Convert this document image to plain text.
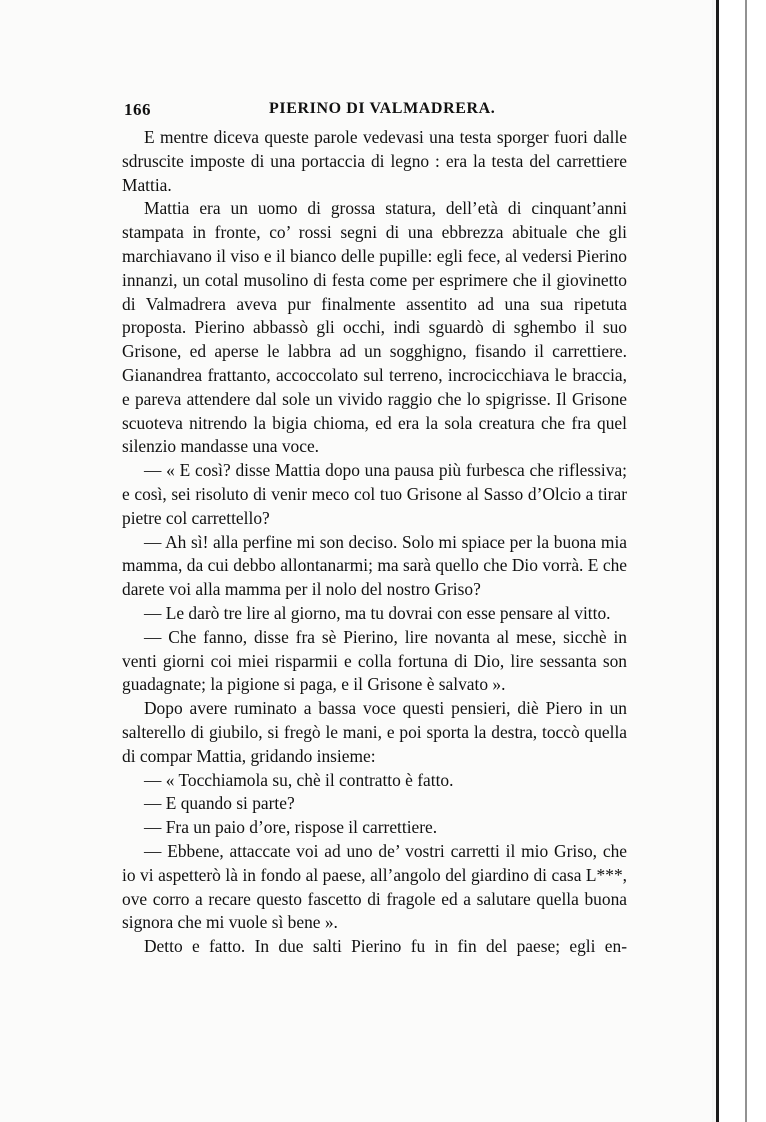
166	PIERINO DI VALMADRERA.

E mentre diceva queste parole vedevasi una testa sporger fuori dalle sdruscite imposte di una portaccia di legno : era la testa del carrettiere Mattia.

Mattia era un uomo di grossa statura, dell’età di cinquant’anni stampata in fronte, co’ rossi segni di una ebbrezza abituale che gli marchiavano il viso e il bianco delle pupille: egli fece, al vedersi Pierino innanzi, un cotal musolino di festa come per esprimere che il giovinetto di Valmadrera aveva pur finalmente assentito ad una sua ripetuta proposta. Pierino abbassò gli occhi, indi sguardò di sghembo il suo Grisone, ed aperse le labbra ad un sogghigno, fisando il carrettiere. Gianandrea frattanto, accoccolato sul terreno, incrocicchiava le braccia, e pareva attendere dal sole un vivido raggio che lo spigrisse. Il Grisone scuoteva nitrendo la bigia chioma, ed era la sola creatura che fra quel silenzio mandasse una voce.

— « E così? disse Mattia dopo una pausa più furbesca che riflessiva; e così, sei risoluto di venir meco col tuo Grisone al Sasso d’Olcio a tirar pietre col carrettello?

— Ah sì! alla perfine mi son deciso. Solo mi spiace per la buona mia mamma, da cui debbo allontanarmi; ma sarà quello che Dio vorrà. E che darete voi alla mamma per il nolo del nostro Griso?

— Le darò tre lire al giorno, ma tu dovrai con esse pensare al vitto.

— Che fanno, disse fra sè Pierino, lire novanta al mese, sicchè in venti giorni coi miei risparmii e colla fortuna di Dio, lire sessanta son guadagnate; la pigione si paga, e il Grisone è salvato ».

Dopo avere ruminato a bassa voce questi pensieri, diè Piero in un salterello di giubilo, si fregò le mani, e poi sporta la destra, toccò quella di compar Mattia, gridando insieme:

— « Tocchiamola su, chè il contratto è fatto.

— E quando si parte?

— Fra un paio d’ore, rispose il carrettiere.

— Ebbene, attaccate voi ad uno de’ vostri carretti il mio Griso, che io vi aspetterò là in fondo al paese, all’angolo del giardino di casa L***, ove corro a recare questo fascetto di fragole ed a salutare quella buona signora che mi vuole sì bene ».

Detto e fatto. In due salti Pierino fu in fin del paese; egli en-
